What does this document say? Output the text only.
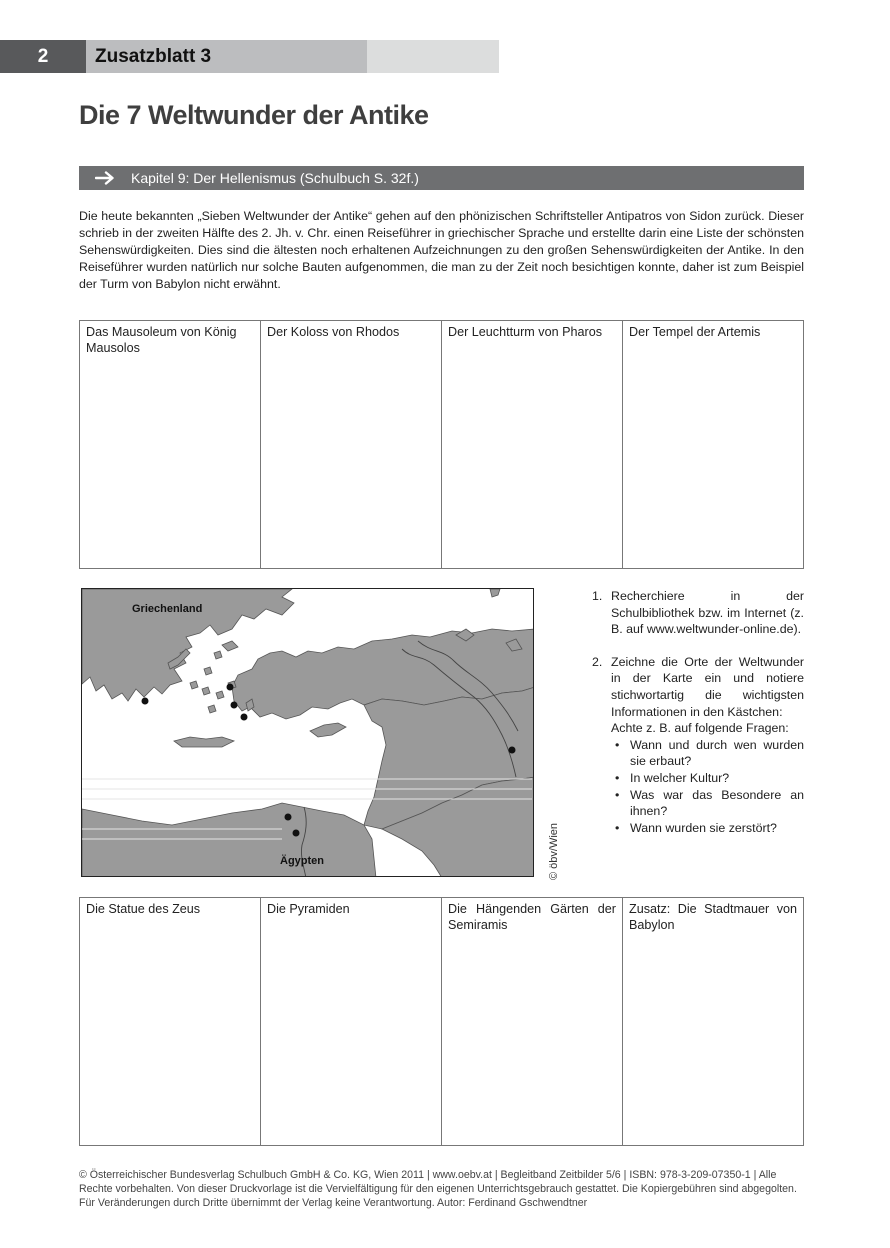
2	Zusatzblatt 3
Die 7 Weltwunder der Antike
Kapitel 9: Der Hellenismus (Schulbuch S. 32f.)

Die heute bekannten „Sieben Weltwunder der Antike“ gehen auf den phönizischen Schriftsteller Antipatros von Sidon zurück. Dieser schrieb in der zweiten Hälfte des 2. Jh. v. Chr. einen Reiseführer in griechischer Sprache und erstellte darin eine Liste der schönsten Sehenswürdigkeiten. Dies sind die ältesten noch erhaltenen Aufzeichnungen zu den großen Sehenswürdigkeiten der Antike. In den Reiseführer wurden natürlich nur solche Bauten aufgenommen, die man zu der Zeit noch besichtigen konnte, daher ist zum Beispiel der Turm von Babylon nicht erwähnt.

Das Mausoleum von König Mausolos	Der Koloss von Rhodos	Der Leuchtturm von Pharos	Der Tempel der Artemis
Griechenland
Ägypten	© öbv/Wien
1. Recherchiere in der Schulbibliothek bzw. im Internet (z. B. auf www.weltwunder-online.de).
2. Zeichne die Orte der Weltwunder in der Karte ein und notiere stichwortartig die wichtigsten Informationen in den Kästchen:
Achte z. B. auf folgende Fragen:
• Wann und durch wen wurden sie erbaut?
• In welcher Kultur?
• Was war das Besondere an ihnen?
• Wann wurden sie zerstört?
Die Statue des Zeus	Die Pyramiden	Die Hängenden Gärten der Semiramis	Zusatz: Die Stadtmauer von Babylon

© Österreichischer Bundesverlag Schulbuch GmbH & Co. KG, Wien 2011 | www.oebv.at | Begleitband Zeitbilder 5/6 | ISBN: 978-3-209-07350-1 | Alle Rechte vorbehalten. Von dieser Druckvorlage ist die Vervielfältigung für den eigenen Unterrichtsgebrauch gestattet. Die Kopiergebühren sind abgegolten. Für Veränderungen durch Dritte übernimmt der Verlag keine Verantwortung. Autor: Ferdinand Gschwendtner
